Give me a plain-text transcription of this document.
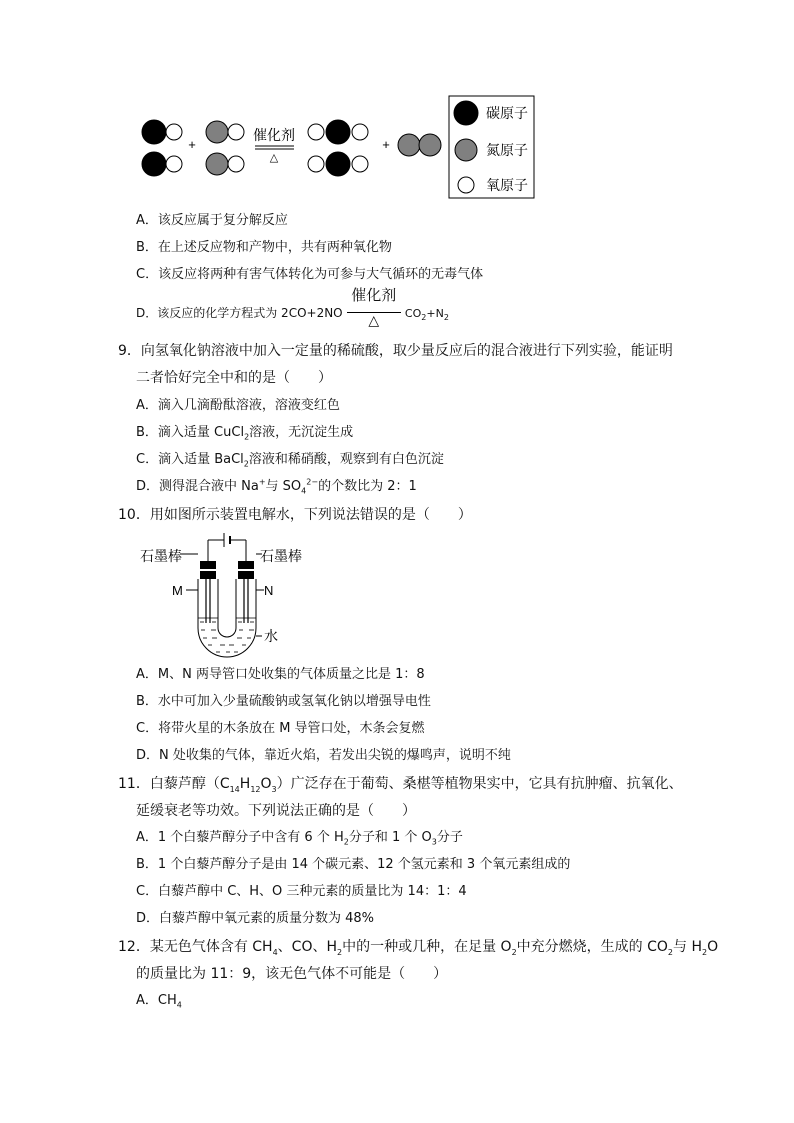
+
催化剂
△
+
碳原子
氮原子
氧原子
A．该反应属于复分解反应
B．在上述反应物和产物中，共有两种氧化物
C．该反应将两种有害气体转化为可参与大气循环的无毒气体
D．该反应的化学方程式为 2CO+2NO
催化剂
△	$CO_2+N_2$
9．向氢氧化钠溶液中加入一定量的稀硫酸，取少量反应后的混合液进行下列实验，能证明
二者恰好完全中和的是（　　）
A．滴入几滴酚酞溶液，溶液变红色
B．滴入适量 CuCl$_2$溶液，无沉淀生成
C．滴入适量 BaCl$_2$溶液和稀硝酸，观察到有白色沉淀
D．测得混合液中 Na+与 $SO_4^{2-}$的个数比为 2：1
10．用如图所示装置电解水，下列说法错误的是（　　）
石墨棒	石墨棒
M	N
水
A．M、N 两导管口处收集的气体质量之比是 1：8
B．水中可加入少量硫酸钠或氢氧化钠以增强导电性
C．将带火星的木条放在 M 导管口处，木条会复燃
D．N 处收集的气体，靠近火焰，若发出尖锐的爆鸣声，说明不纯
11．白藜芦醇$(C_{14}H_{12}O_3)$广泛存在于葡萄、桑椹等植物果实中，它具有抗肿瘤、抗氧化、
延缓衰老等功效。下列说法正确的是（　　）
A．1 个白藜芦醇分子中含有 6 个 $H_2$分子和 1 个 $O_3$分子
B．1 个白藜芦醇分子是由 14 个碳元素、12 个氢元素和 3 个氧元素组成的
C．白藜芦醇中 C、H、O 三种元素的质量比为 14：1：4
D．白藜芦醇中氧元素的质量分数为 48%
12．某无色气体含有 $CH_4$、CO、$H_2$中的一种或几种，在足量 $O_2$中充分燃烧，生成的 $CO_2$与 $H_2O$
的质量比为 11：9，该无色气体不可能是（　　）
A．$CH_4$
